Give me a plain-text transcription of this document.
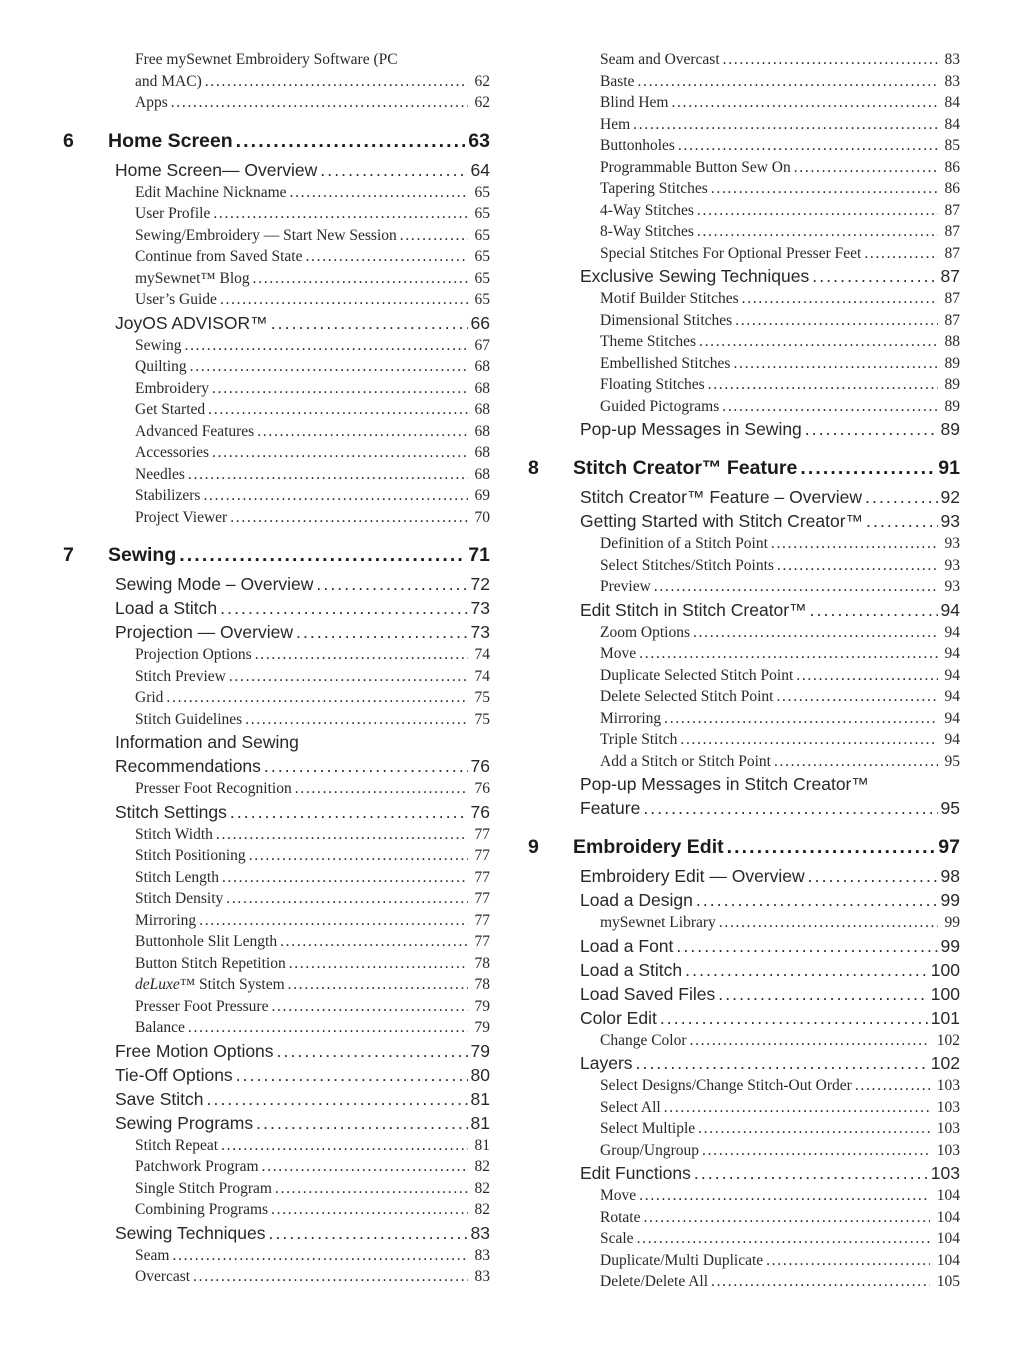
Free mySewnet Embroidery Software (PC
and MAC) .....	62
Apps .....	62
6	Home Screen .....	63
Home Screen— Overview .....	64
Edit Machine Nickname .....	65
User Profile .....	65
Sewing/Embroidery — Start New Session .....	65
Continue from Saved State .....	65
mySewnet™ Blog .....	65
User’s Guide .....	65
JoyOS ADVISOR™ .....	66
Sewing .....	67
Quilting .....	68
Embroidery .....	68
Get Started .....	68
Advanced Features .....	68
Accessories .....	68
Needles .....	68
Stabilizers .....	69
Project Viewer .....	70
7	Sewing .....	71
Sewing Mode – Overview .....	72
Load a Stitch .....	73
Projection — Overview .....	73
Projection Options .....	74
Stitch Preview .....	74
Grid .....	75
Stitch Guidelines .....	75
Information and Sewing
Recommendations .....	76
Presser Foot Recognition .....	76
Stitch Settings .....	76
Stitch Width .....	77
Stitch Positioning .....	77
Stitch Length .....	77
Stitch Density .....	77
Mirroring .....	77
Buttonhole Slit Length .....	77
Button Stitch Repetition .....	78
deLuxe™ Stitch System .....	78
Presser Foot Pressure .....	79
Balance .....	79
Free Motion Options .....	79
Tie-Off Options .....	80
Save Stitch .....	81
Sewing Programs .....	81
Stitch Repeat .....	81
Patchwork Program .....	82
Single Stitch Program .....	82
Combining Programs .....	82
Sewing Techniques .....	83
Seam .....	83
Overcast .....	83
Seam and Overcast .....	83
Baste .....	83
Blind Hem .....	84
Hem .....	84
Buttonholes .....	85
Programmable Button Sew On .....	86
Tapering Stitches .....	86
4-Way Stitches .....	87
8-Way Stitches .....	87
Special Stitches For Optional Presser Feet .....	87
Exclusive Sewing Techniques .....	87
Motif Builder Stitches .....	87
Dimensional Stitches .....	87
Theme Stitches .....	88
Embellished Stitches .....	89
Floating Stitches .....	89
Guided Pictograms .....	89
Pop-up Messages in Sewing .....	89
8	Stitch Creator™ Feature .....	91
Stitch Creator™ Feature – Overview .....	92
Getting Started with Stitch Creator™ .....	93
Definition of a Stitch Point .....	93
Select Stitches/Stitch Points .....	93
Preview .....	93
Edit Stitch in Stitch Creator™ .....	94
Zoom Options .....	94
Move .....	94
Duplicate Selected Stitch Point .....	94
Delete Selected Stitch Point .....	94
Mirroring .....	94
Triple Stitch .....	94
Add a Stitch or Stitch Point .....	95
Pop-up Messages in Stitch Creator™
Feature .....	95
9	Embroidery Edit .....	97
Embroidery Edit — Overview .....	98
Load a Design .....	99
mySewnet Library .....	99
Load a Font .....	99
Load a Stitch .....	100
Load Saved Files .....	100
Color Edit .....	101
Change Color .....	102
Layers .....	102
Select Designs/Change Stitch-Out Order .....	103
Select All .....	103
Select Multiple .....	103
Group/Ungroup .....	103
Edit Functions .....	103
Move .....	104
Rotate .....	104
Scale .....	104
Duplicate/Multi Duplicate .....	104
Delete/Delete All .....	105
